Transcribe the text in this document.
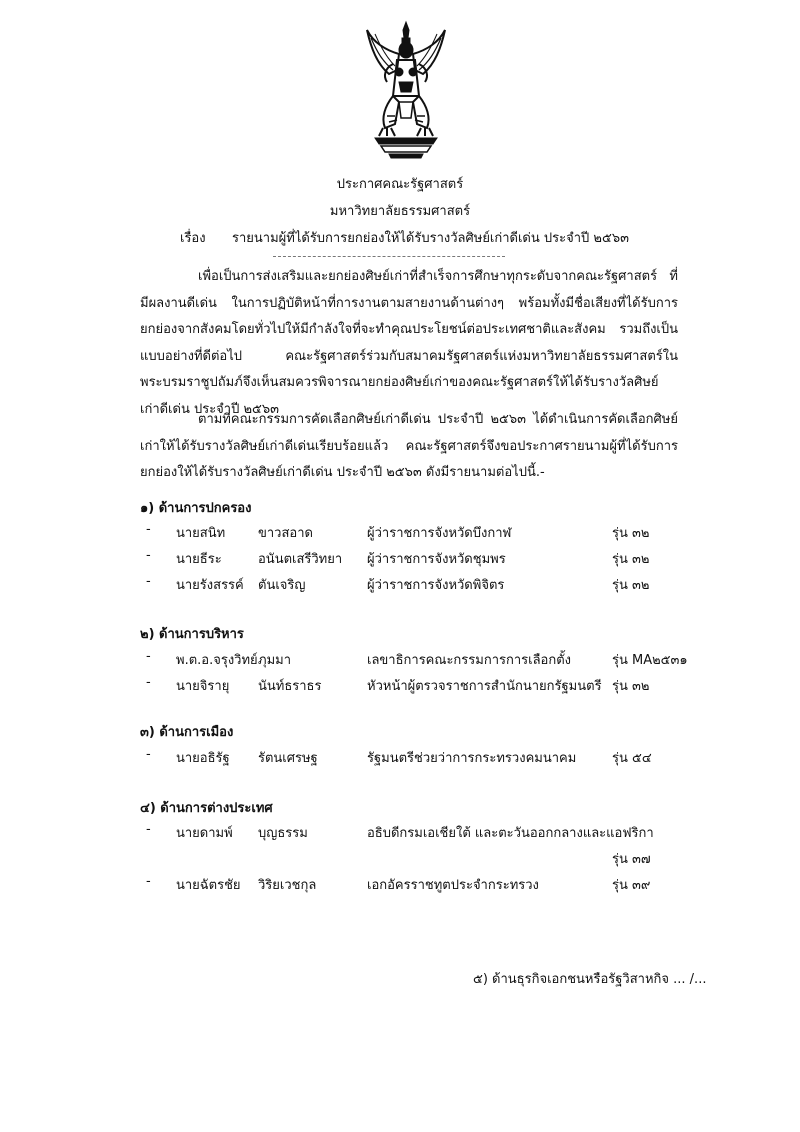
ประกาศคณะรัฐศาสตร์
มหาวิทยาลัยธรรมศาสตร์
เรื่อง รายนามผู้ที่ได้รับการยกย่องให้ได้รับรางวัลศิษย์เก่าดีเด่น ประจำปี ๒๕๖๓
เพื่อเป็นการส่งเสริมและยกย่องศิษย์เก่าที่สำเร็จการศึกษาทุกระดับจากคณะรัฐศาสตร์ ที่มีผลงานดีเด่น ในการปฏิบัติหน้าที่การงานตามสายงานด้านต่างๆ พร้อมทั้งมีชื่อเสียงที่ได้รับการยกย่องจากสังคมโดยทั่วไปให้มีกำลังใจที่จะทำคุณประโยชน์ต่อประเทศชาติและสังคม รวมถึงเป็นแบบอย่างที่ดีต่อไป คณะรัฐศาสตร์ร่วมกับสมาคมรัฐศาสตร์แห่งมหาวิทยาลัยธรรมศาสตร์ในพระบรมราชูปถัมภ์จึงเห็นสมควรพิจารณายกย่องศิษย์เก่าของคณะรัฐศาสตร์ให้ได้รับรางวัลศิษย์เก่าดีเด่น ประจำปี ๒๕๖๓
ตามที่คณะกรรมการคัดเลือกศิษย์เก่าดีเด่น ประจำปี ๒๕๖๓ ได้ดำเนินการคัดเลือกศิษย์เก่าให้ได้รับรางวัลศิษย์เก่าดีเด่นเรียบร้อยแล้ว คณะรัฐศาสตร์จึงขอประกาศรายนามผู้ที่ได้รับการยกย่องให้ได้รับรางวัลศิษย์เก่าดีเด่น ประจำปี ๒๕๖๓ ดังมีรายนามต่อไปนี้.-
๑) ด้านการปกครอง
- นายสนิท	ขาวสอาด	ผู้ว่าราชการจังหวัดบึงกาฬ	รุ่น ๓๒
- นายธีระ	อนันตเสรีวิทยา ผู้ว่าราชการจังหวัดชุมพร	รุ่น ๓๒
- นายรังสรรค์ ตันเจริญ	ผู้ว่าราชการจังหวัดพิจิตร	รุ่น ๓๒
๒) ด้านการบริหาร
- พ.ต.อ.จรุงวิทย์ ภุมมา	เลขาธิการคณะกรรมการการเลือกตั้ง	รุ่น MA๒๕๓๑
- นายจิรายุ นันท์ธราธร	หัวหน้าผู้ตรวจราชการสำนักนายกรัฐมนตรี รุ่น ๓๒
๓) ด้านการเมือง
- นายอธิรัฐ รัตนเศรษฐ	รัฐมนตรีช่วยว่าการกระทรวงคมนาคม	รุ่น ๕๔
๔) ด้านการต่างประเทศ
- นายดามพ์ บุญธรรม	อธิบดีกรมเอเชียใต้ และตะวันออกกลางและแอฟริกา
รุ่น ๓๗
- นายฉัตรชัย วิริยเวชกุล	เอกอัครราชทูตประจำกระทรวง	รุ่น ๓๙
๕) ด้านธุรกิจเอกชนหรือรัฐวิสาหกิจ ... /...
